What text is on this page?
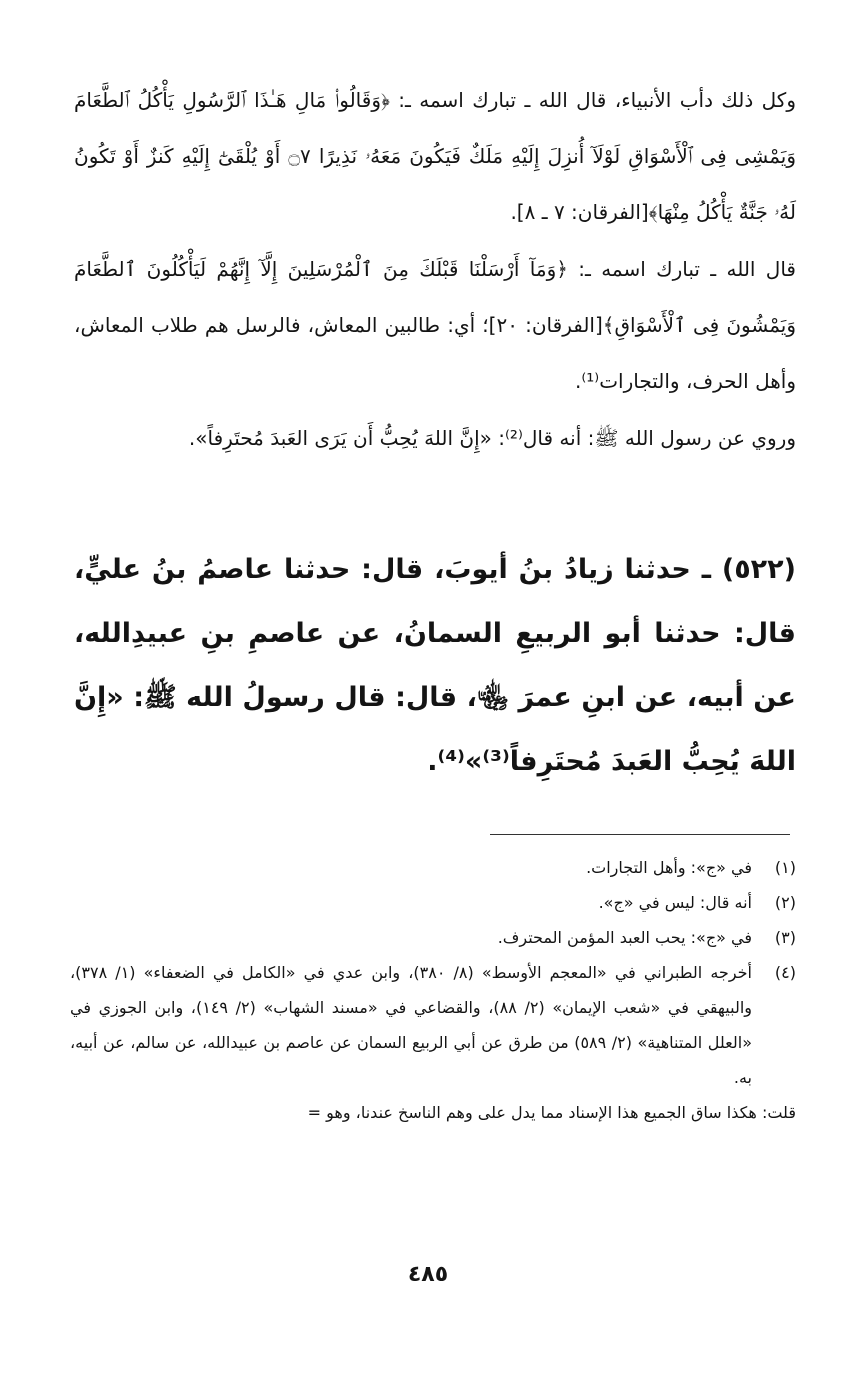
وكل ذلك دأب الأنبياء، قال الله ـ تبارك اسمه ـ: ﴿وَقَالُوا۟ مَالِ هَـٰذَا ٱلرَّسُولِ يَأْكُلُ ٱلطَّعَامَ وَيَمْشِى فِى ٱلْأَسْوَاقِ لَوْلَآ أُنزِلَ إِلَيْهِ مَلَكٌ فَيَكُونَ مَعَهُۥ نَذِيرًا ۝٧ أَوْ يُلْقَىٰٓ إِلَيْهِ كَنزٌ أَوْ تَكُونُ لَهُۥ جَنَّةٌ يَأْكُلُ مِنْهَا﴾[الفرقان: ٧ ـ ٨].

قال الله ـ تبارك اسمه ـ: ﴿وَمَآ أَرْسَلْنَا قَبْلَكَ مِنَ ٱلْمُرْسَلِينَ إِلَّآ إِنَّهُمْ لَيَأْكُلُونَ ٱلطَّعَامَ وَيَمْشُونَ فِى ٱلْأَسْوَاقِ﴾[الفرقان: ٢٠]؛ أي: طالبين المعاش، فالرسل هم طلاب المعاش، وأهل الحرف، والتجارات⁽¹⁾.

وروي عن رسول الله ﷺ: أنه قال⁽²⁾: «إِنَّ اللهَ يُحِبُّ أَن يَرَى العَبدَ مُحتَرِفاً».

(٥٢٢) ـ حدثنا زيادُ بنُ أيوبَ، قال: حدثنا عاصمُ بنُ عليٍّ، قال: حدثنا أبو الربيعِ السمانُ، عن عاصمِ بنِ عبيدِالله، عن أبيه، عن ابنِ عمرَ ﵄، قال: قال رسولُ الله ﷺ: «إِنَّ اللهَ يُحِبُّ العَبدَ مُحتَرِفاً⁽³⁾»⁽⁴⁾.

(١)
في «ج»: وأهل التجارات.
(٢)
أنه قال: ليس في «ج».
(٣)
في «ج»: يحب العبد المؤمن المحترف.
(٤)
أخرجه الطبراني في «المعجم الأوسط» (٨/ ٣٨٠)، وابن عدي في «الكامل في الضعفاء» (١/ ٣٧٨)، والبيهقي في «شعب الإيمان» (٢/ ٨٨)، والقضاعي في «مسند الشهاب» (٢/ ١٤٩)، وابن الجوزي في «العلل المتناهية» (٢/ ٥٨٩) من طرق عن أبي الربيع السمان عن عاصم بن عبيدالله، عن سالم، عن أبيه، به.
قلت: هكذا ساق الجميع هذا الإسناد مما يدل على وهم الناسخ عندنا، وهو =
٤٨٥
